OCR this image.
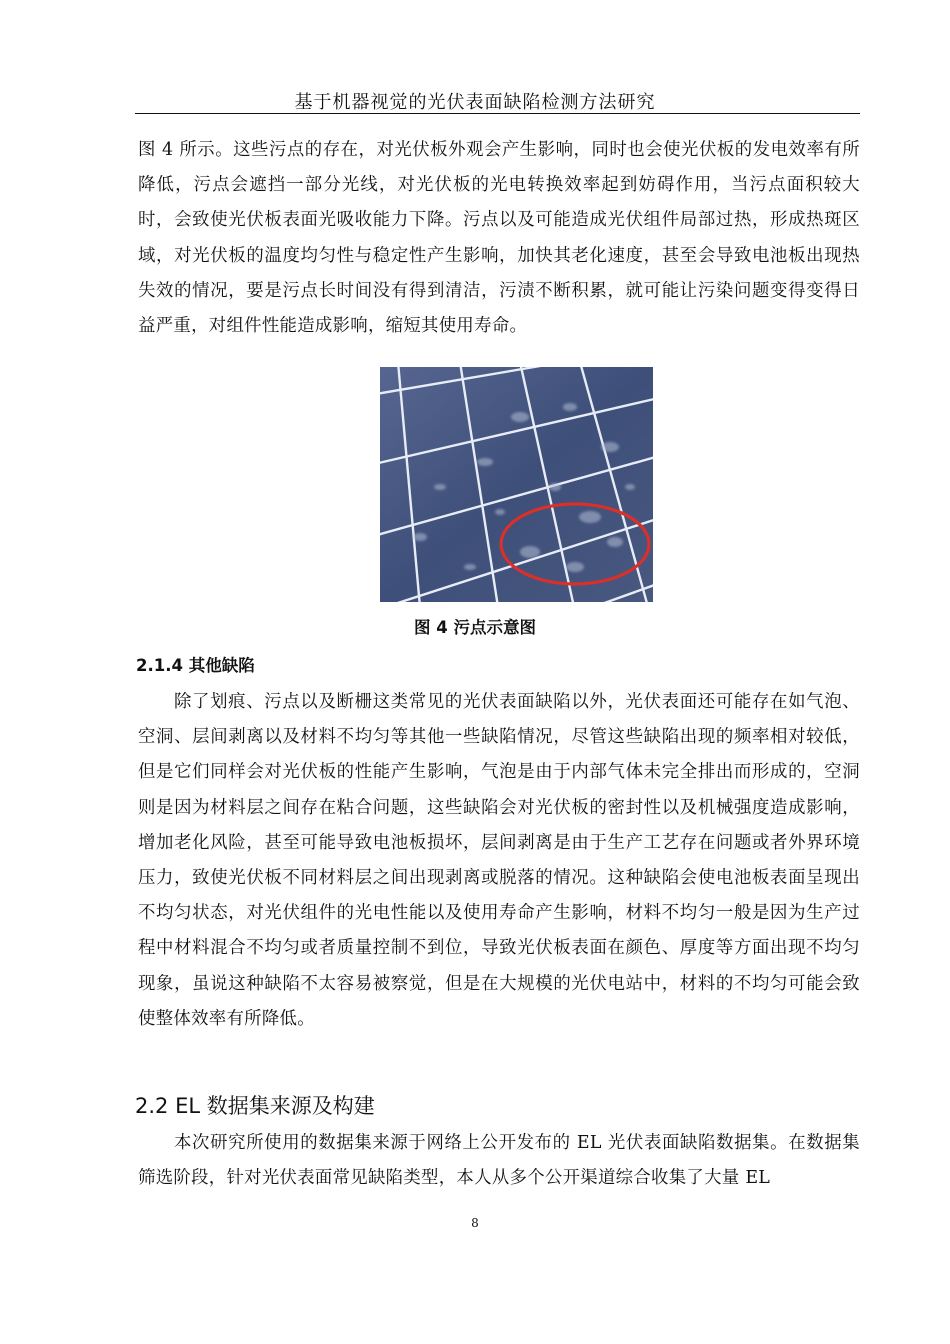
基于机器视觉的光伏表面缺陷检测方法研究

图 4 所示。这些污点的存在，对光伏板外观会产生影响，同时也会使光伏板的发电效率有所降低，污点会遮挡一部分光线，对光伏板的光电转换效率起到妨碍作用，当污点面积较大时，会致使光伏板表面光吸收能力下降。污点以及可能造成光伏组件局部过热，形成热斑区域，对光伏板的温度均匀性与稳定性产生影响，加快其老化速度，甚至会导致电池板出现热失效的情况，要是污点长时间没有得到清洁，污渍不断积累，就可能让污染问题变得变得日益严重，对组件性能造成影响，缩短其使用寿命。

图 4 污点示意图
2.1.4 其他缺陷

除了划痕、污点以及断栅这类常见的光伏表面缺陷以外，光伏表面还可能存在如气泡、空洞、层间剥离以及材料不均匀等其他一些缺陷情况，尽管这些缺陷出现的频率相对较低，但是它们同样会对光伏板的性能产生影响，气泡是由于内部气体未完全排出而形成的，空洞则是因为材料层之间存在粘合问题，这些缺陷会对光伏板的密封性以及机械强度造成影响，增加老化风险，甚至可能导致电池板损坏，层间剥离是由于生产工艺存在问题或者外界环境压力，致使光伏板不同材料层之间出现剥离或脱落的情况。这种缺陷会使电池板表面呈现出不均匀状态，对光伏组件的光电性能以及使用寿命产生影响，材料不均匀一般是因为生产过程中材料混合不均匀或者质量控制不到位，导致光伏板表面在颜色、厚度等方面出现不均匀现象，虽说这种缺陷不太容易被察觉，但是在大规模的光伏电站中，材料的不均匀可能会致使整体效率有所降低。

2.2 EL 数据集来源及构建

本次研究所使用的数据集来源于网络上公开发布的 EL 光伏表面缺陷数据集。在数据集筛选阶段，针对光伏表面常见缺陷类型，本人从多个公开渠道综合收集了大量 EL

8
